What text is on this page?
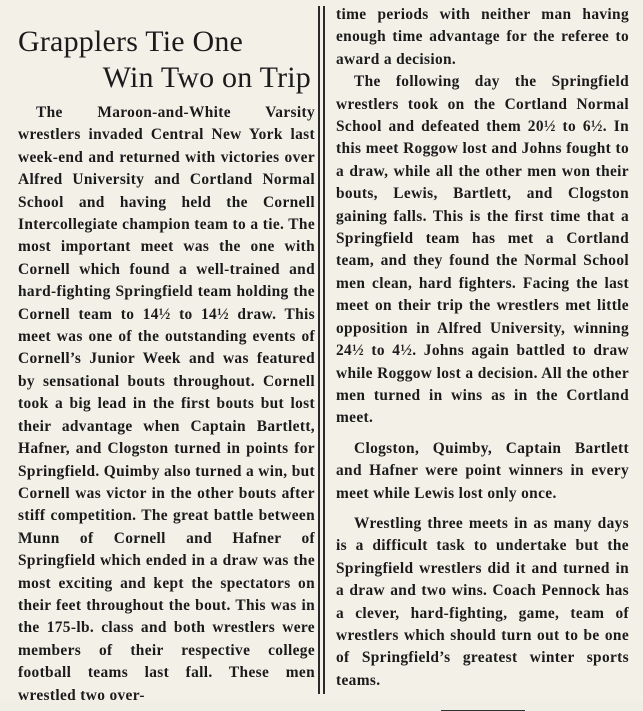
Grapplers Tie One
Win Two on Trip

The Maroon-and-White Varsity wrestlers invaded Central New York last week-end and returned with victories over Alfred University and Cortland Normal School and having held the Cornell Intercollegiate champion team to a tie. The most important meet was the one with Cornell which found a well-trained and hard-fighting Springfield team holding the Cornell team to 14½ to 14½ draw. This meet was one of the outstanding events of Cornell’s Junior Week and was featured by sensational bouts throughout. Cornell took a big lead in the first bouts but lost their advantage when Captain Bartlett, Hafner, and Clogston turned in points for Springfield. Quimby also turned a win, but Cornell was victor in the other bouts after stiff competition. The great battle between Munn of Cornell and Hafner of Springfield which ended in a draw was the most exciting and kept the spectators on their feet throughout the bout. This was in the 175-lb. class and both wrestlers were members of their respective college football teams last fall. These men wrestled two over-

time periods with neither man having enough time advantage for the referee to award a decision.

The following day the Springfield wrestlers took on the Cortland Normal School and defeated them 20½ to 6½. In this meet Roggow lost and Johns fought to a draw, while all the other men won their bouts, Lewis, Bartlett, and Clogston gaining falls. This is the first time that a Springfield team has met a Cortland team, and they found the Normal School men clean, hard fighters. Facing the last meet on their trip the wrestlers met little opposition in Alfred University, winning 24½ to 4½. Johns again battled to draw while Roggow lost a decision. All the other men turned in wins as in the Cortland meet.

Clogston, Quimby, Captain Bartlett and Hafner were point winners in every meet while Lewis lost only once.

Wrestling three meets in as many days is a difficult task to undertake but the Springfield wrestlers did it and turned in a draw and two wins. Coach Pennock has a clever, hard-fighting, game, team of wrestlers which should turn out to be one of Springfield’s greatest winter sports teams.
